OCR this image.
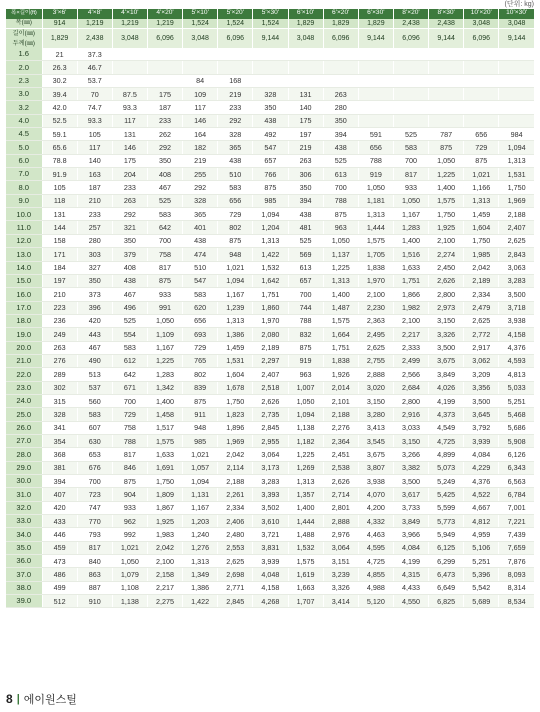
(단위: kg)
폭×길이(ft)	3'×6'	4'×8'	4'×10'	4'×20'	5'×10'	5'×20'	5'×30'	6'×10'	6'×20'	6'×30'	8'×20'	8'×30'	10'×20'	10'×30'
폭(㎜)	914	1,219	1,219	1,219	1,524	1,524	1,524	1,829	1,829	1,829	2,438	2,438	3,048	3,048

길이(㎜)
두께(㎜)	1,829	2,438	3,048	6,096	3,048	6,096	9,144	3,048	6,096	9,144	6,096	9,144	6,096	9,144
1.6	21	37.3												
2.0	26.3	46.7												
2.3	30.2	53.7			84	168								
3.0	39.4	70	87.5	175	109	219	328	131	263					
3.2	42.0	74.7	93.3	187	117	233	350	140	280					
4.0	52.5	93.3	117	233	146	292	438	175	350					
4.5	59.1	105	131	262	164	328	492	197	394	591	525	787	656	984
5.0	65.6	117	146	292	182	365	547	219	438	656	583	875	729	1,094
6.0	78.8	140	175	350	219	438	657	263	525	788	700	1,050	875	1,313
7.0	91.9	163	204	408	255	510	766	306	613	919	817	1,225	1,021	1,531
8.0	105	187	233	467	292	583	875	350	700	1,050	933	1,400	1,166	1,750
9.0	118	210	263	525	328	656	985	394	788	1,181	1,050	1,575	1,313	1,969
10.0	131	233	292	583	365	729	1,094	438	875	1,313	1,167	1,750	1,459	2,188
11.0	144	257	321	642	401	802	1,204	481	963	1,444	1,283	1,925	1,604	2,407
12.0	158	280	350	700	438	875	1,313	525	1,050	1,575	1,400	2,100	1,750	2,625
13.0	171	303	379	758	474	948	1,422	569	1,137	1,705	1,516	2,274	1,985	2,843
14.0	184	327	408	817	510	1,021	1,532	613	1,225	1,838	1,633	2,450	2,042	3,063
15.0	197	350	438	875	547	1,094	1,642	657	1,313	1,970	1,751	2,626	2,189	3,283
16.0	210	373	467	933	583	1,167	1,751	700	1,400	2,100	1,866	2,800	2,334	3,500
17.0	223	396	496	991	620	1,239	1,860	744	1,487	2,230	1,982	2,973	2,479	3,718
18.0	236	420	525	1,050	656	1,313	1,970	788	1,575	2,363	2,100	3,150	2,625	3,938
19.0	249	443	554	1,109	693	1,386	2,080	832	1,664	2,495	2,217	3,326	2,772	4,158
20.0	263	467	583	1,167	729	1,459	2,189	875	1,751	2,625	2,333	3,500	2,917	4,376
21.0	276	490	612	1,225	765	1,531	2,297	919	1,838	2,755	2,499	3,675	3,062	4,593
22.0	289	513	642	1,283	802	1,604	2,407	963	1,926	2,888	2,566	3,849	3,209	4,813
23.0	302	537	671	1,342	839	1,678	2,518	1,007	2,014	3,020	2,684	4,026	3,356	5,033
24.0	315	560	700	1,400	875	1,750	2,626	1,050	2,101	3,150	2,800	4,199	3,500	5,251
25.0	328	583	729	1,458	911	1,823	2,735	1,094	2,188	3,280	2,916	4,373	3,645	5,468
26.0	341	607	758	1,517	948	1,896	2,845	1,138	2,276	3,413	3,033	4,549	3,792	5,686
27.0	354	630	788	1,575	985	1,969	2,955	1,182	2,364	3,545	3,150	4,725	3,939	5,908
28.0	368	653	817	1,633	1,021	2,042	3,064	1,225	2,451	3,675	3,266	4,899	4,084	6,126
29.0	381	676	846	1,691	1,057	2,114	3,173	1,269	2,538	3,807	3,382	5,073	4,229	6,343
30.0	394	700	875	1,750	1,094	2,188	3,283	1,313	2,626	3,938	3,500	5,249	4,376	6,563
31.0	407	723	904	1,809	1,131	2,261	3,393	1,357	2,714	4,070	3,617	5,425	4,522	6,784
32.0	420	747	933	1,867	1,167	2,334	3,502	1,400	2,801	4,200	3,733	5,599	4,667	7,001
33.0	433	770	962	1,925	1,203	2,406	3,610	1,444	2,888	4,332	3,849	5,773	4,812	7,221
34.0	446	793	992	1,983	1,240	2,480	3,721	1,488	2,976	4,463	3,966	5,949	4,959	7,439
35.0	459	817	1,021	2,042	1,276	2,553	3,831	1,532	3,064	4,595	4,084	6,125	5,106	7,659
36.0	473	840	1,050	2,100	1,313	2,625	3,939	1,575	3,151	4,725	4,199	6,299	5,251	7,876
37.0	486	863	1,079	2,158	1,349	2,698	4,048	1,619	3,239	4,855	4,315	6,473	5,396	8,093
38.0	499	887	1,108	2,217	1,386	2,771	4,158	1,663	3,326	4,988	4,433	6,649	5,542	8,314
39.0	512	910	1,138	2,275	1,422	2,845	4,268	1,707	3,414	5,120	4,550	6,825	5,689	8,534
8 | 에이원스틸
